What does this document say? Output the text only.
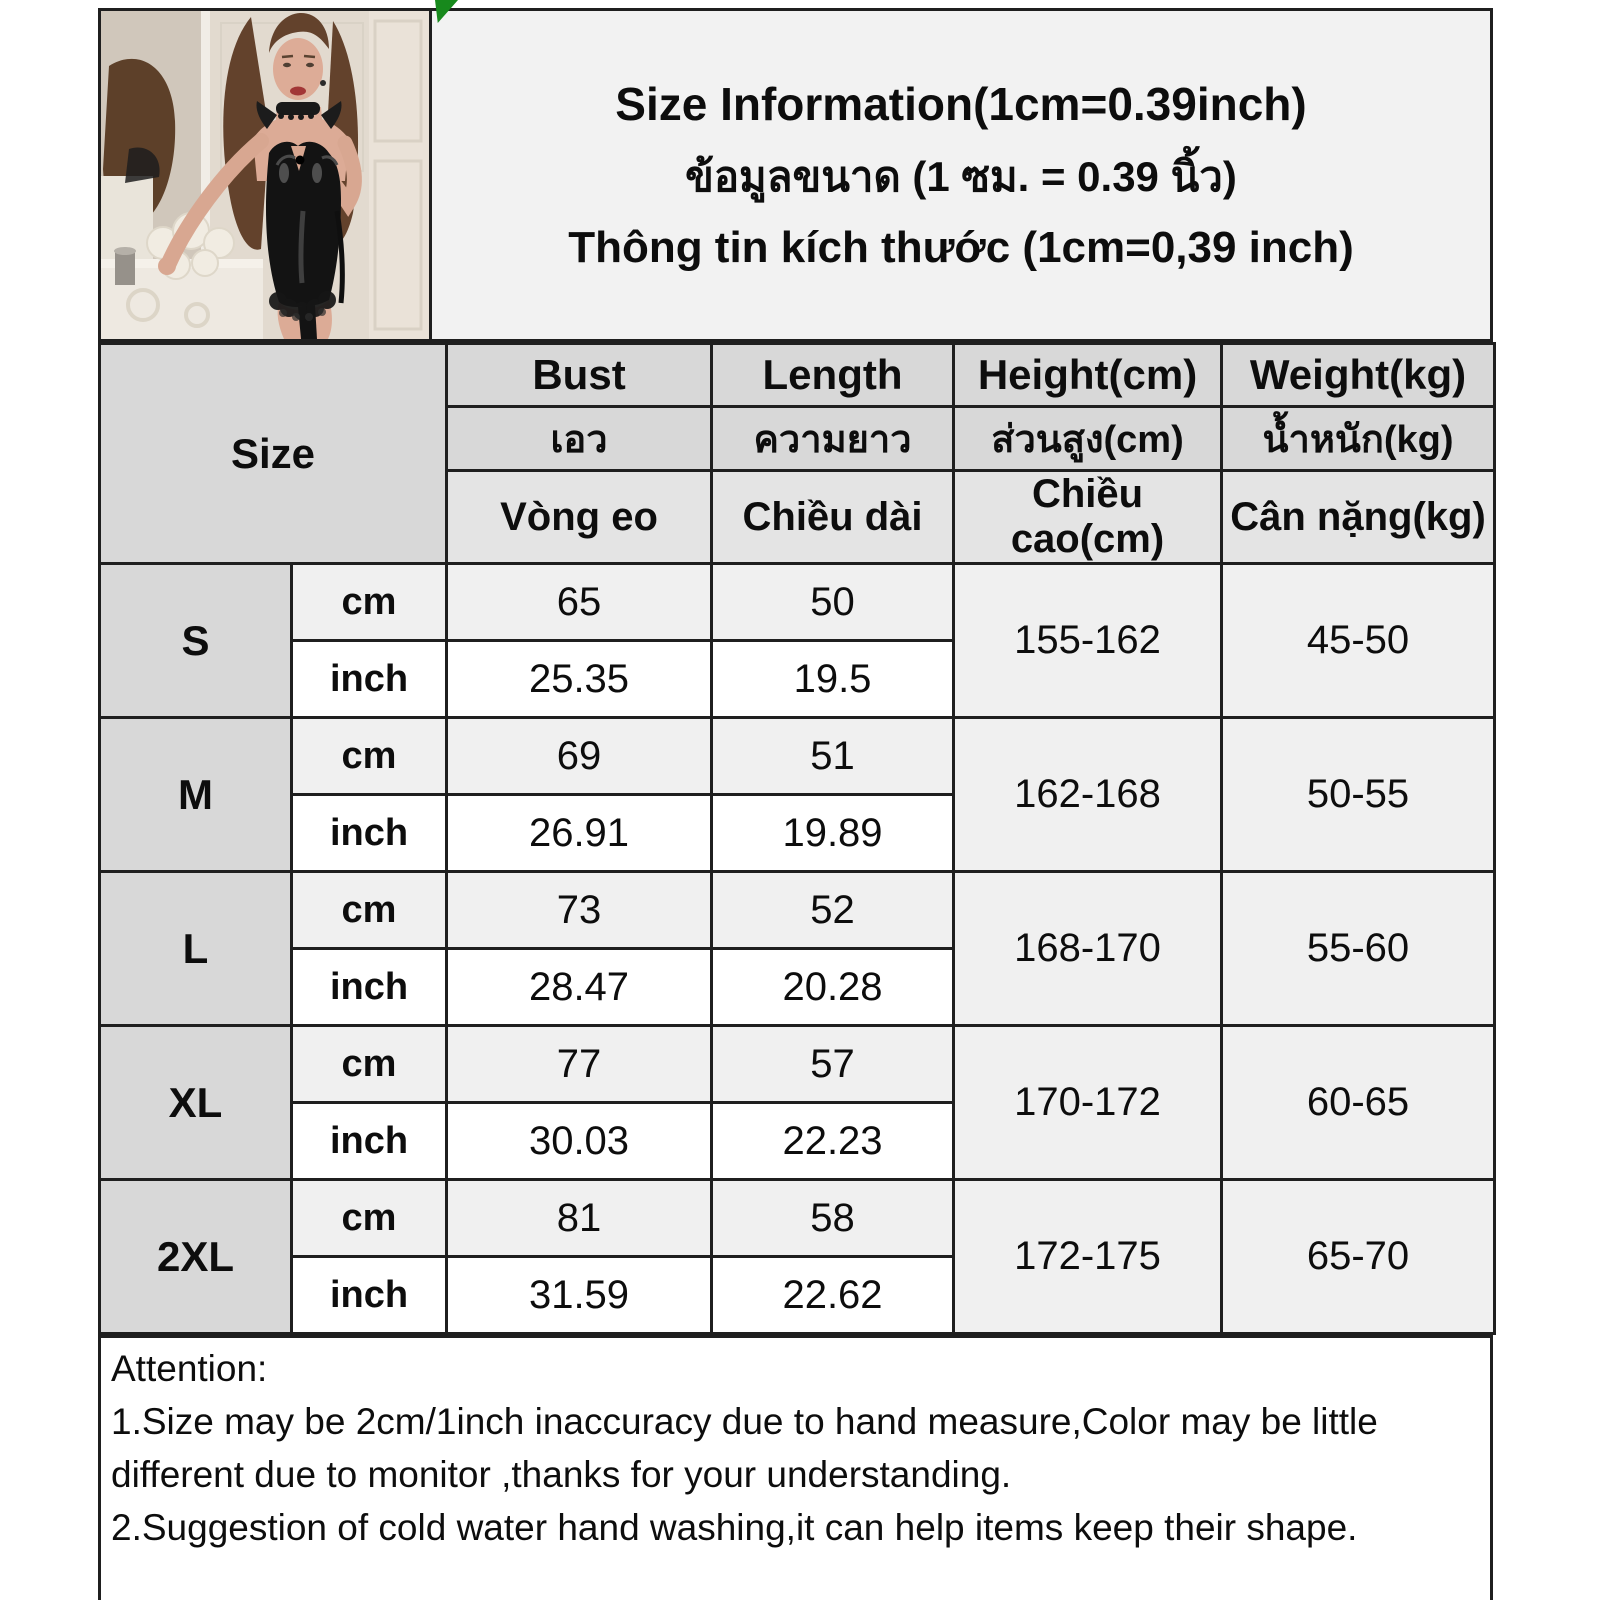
Size Information(1cm=0.39inch)
ข้อมูลขนาด (1 ซม. = 0.39 นิ้ว)
Thông tin kích thước (1cm=0,39 inch)
Size		Bust	Length	Height(cm)	Weight(kg)
		เอว	ความยาว	ส่วนสูง(cm)	น้ำหนัก(kg)
		Vòng eo	Chiều dài	Chiều cao(cm)	Cân nặng(kg)
S	cm	65	50	155-162	45-50
	inch	25.35	19.5		
M	cm	69	51	162-168	50-55
	inch	26.91	19.89		
L	cm	73	52	168-170	55-60
	inch	28.47	20.28		
XL	cm	77	57	170-172	60-65
	inch	30.03	22.23		
2XL	cm	81	58	172-175	65-70
	inch	31.59	22.62		
Attention:
1.Size may be 2cm/1inch inaccuracy due to hand measure,Color may be little different due to monitor ,thanks for your understanding.
2.Suggestion of cold water hand washing,it can help items keep their shape.
